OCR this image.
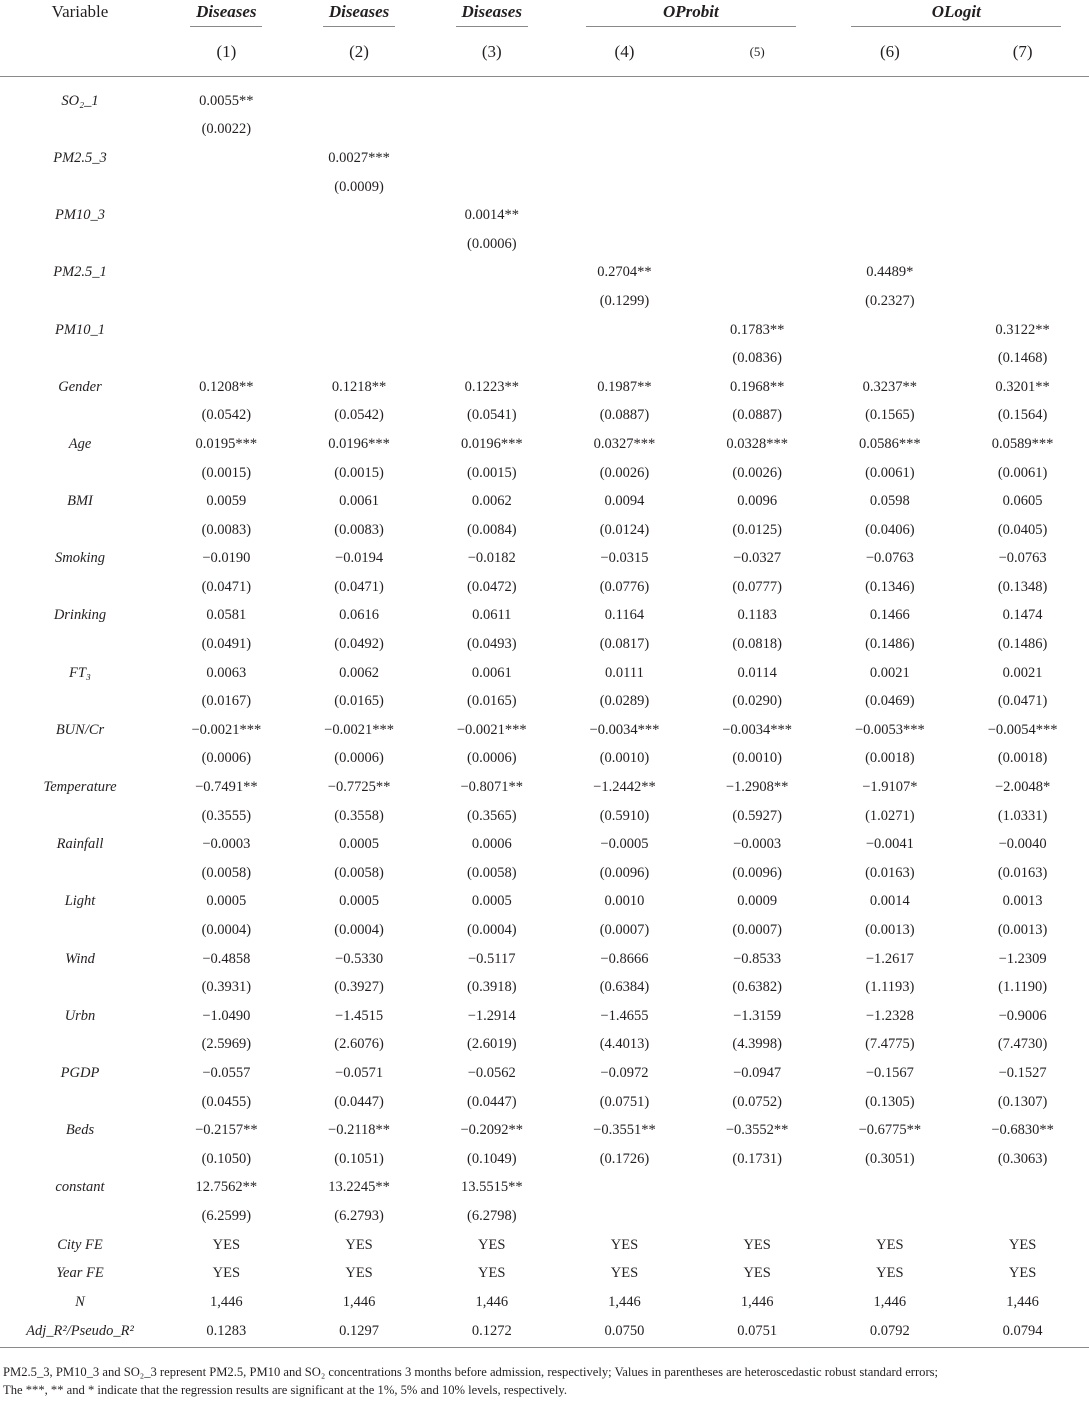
Variable	Diseases	Diseases	Diseases	OProbit		OLogit	
	(1)	(2)	(3)	(4)	(5)	(6)	(7)
SO₂_1	0.0055**						
	(0.0022)						
PM2.5_3		0.0027***					
		(0.0009)					
PM10_3			0.0014**				
			(0.0006)				
PM2.5_1				0.2704**		0.4489*	
				(0.1299)		(0.2327)	
PM10_1					0.1783**		0.3122**
					(0.0836)		(0.1468)
Gender	0.1208**	0.1218**	0.1223**	0.1987**	0.1968**	0.3237**	0.3201**
	(0.0542)	(0.0542)	(0.0541)	(0.0887)	(0.0887)	(0.1565)	(0.1564)
Age	0.0195***	0.0196***	0.0196***	0.0327***	0.0328***	0.0586***	0.0589***
	(0.0015)	(0.0015)	(0.0015)	(0.0026)	(0.0026)	(0.0061)	(0.0061)
BMI	0.0059	0.0061	0.0062	0.0094	0.0096	0.0598	0.0605
	(0.0083)	(0.0083)	(0.0084)	(0.0124)	(0.0125)	(0.0406)	(0.0405)
Smoking	−0.0190	−0.0194	−0.0182	−0.0315	−0.0327	−0.0763	−0.0763
	(0.0471)	(0.0471)	(0.0472)	(0.0776)	(0.0777)	(0.1346)	(0.1348)
Drinking	0.0581	0.0616	0.0611	0.1164	0.1183	0.1466	0.1474
	(0.0491)	(0.0492)	(0.0493)	(0.0817)	(0.0818)	(0.1486)	(0.1486)
FT₃	0.0063	0.0062	0.0061	0.0111	0.0114	0.0021	0.0021
	(0.0167)	(0.0165)	(0.0165)	(0.0289)	(0.0290)	(0.0469)	(0.0471)
BUN/Cr	−0.0021***	−0.0021***	−0.0021***	−0.0034***	−0.0034***	−0.0053***	−0.0054***
	(0.0006)	(0.0006)	(0.0006)	(0.0010)	(0.0010)	(0.0018)	(0.0018)
Temperature	−0.7491**	−0.7725**	−0.8071**	−1.2442**	−1.2908**	−1.9107*	−2.0048*
	(0.3555)	(0.3558)	(0.3565)	(0.5910)	(0.5927)	(1.0271)	(1.0331)
Rainfall	−0.0003	0.0005	0.0006	−0.0005	−0.0003	−0.0041	−0.0040
	(0.0058)	(0.0058)	(0.0058)	(0.0096)	(0.0096)	(0.0163)	(0.0163)
Light	0.0005	0.0005	0.0005	0.0010	0.0009	0.0014	0.0013
	(0.0004)	(0.0004)	(0.0004)	(0.0007)	(0.0007)	(0.0013)	(0.0013)
Wind	−0.4858	−0.5330	−0.5117	−0.8666	−0.8533	−1.2617	−1.2309
	(0.3931)	(0.3927)	(0.3918)	(0.6384)	(0.6382)	(1.1193)	(1.1190)
Urbn	−1.0490	−1.4515	−1.2914	−1.4655	−1.3159	−1.2328	−0.9006
	(2.5969)	(2.6076)	(2.6019)	(4.4013)	(4.3998)	(7.4775)	(7.4730)
PGDP	−0.0557	−0.0571	−0.0562	−0.0972	−0.0947	−0.1567	−0.1527
	(0.0455)	(0.0447)	(0.0447)	(0.0751)	(0.0752)	(0.1305)	(0.1307)
Beds	−0.2157**	−0.2118**	−0.2092**	−0.3551**	−0.3552**	−0.6775**	−0.6830**
	(0.1050)	(0.1051)	(0.1049)	(0.1726)	(0.1731)	(0.3051)	(0.3063)
constant	12.7562**	13.2245**	13.5515**				
	(6.2599)	(6.2793)	(6.2798)				
City FE	YES	YES	YES	YES	YES	YES	YES
Year FE	YES	YES	YES	YES	YES	YES	YES
N	1,446	1,446	1,446	1,446	1,446	1,446	1,446
Adj_R²/Pseudo_R²	0.1283	0.1297	0.1272	0.0750	0.0751	0.0792	0.0794

PM2.5_3, PM10_3 and SO₂_3 represent PM2.5, PM10 and SO₂ concentrations 3 months before admission, respectively; Values in parentheses are heteroscedastic robust standard errors;

The ***, ** and * indicate that the regression results are significant at the 1%, 5% and 10% levels, respectively.
